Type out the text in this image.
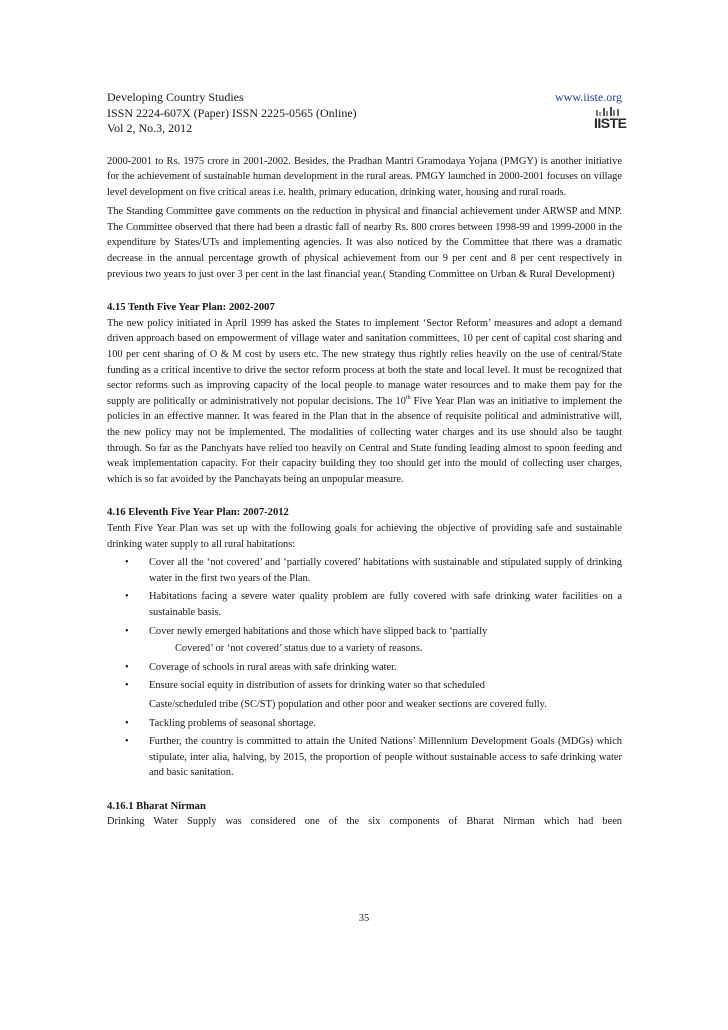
Developing Country Studies
ISSN 2224-607X (Paper) ISSN 2225-0565 (Online)
Vol 2, No.3, 2012
www.iiste.org
IISTE

2000-2001 to Rs. 1975 crore in 2001-2002. Besides, the Pradhan Mantri Gramodaya Yojana (PMGY) is another initiative for the achievement of sustainable human development in the rural areas. PMGY launched in 2000-2001 focuses on village level development on five critical areas i.e. health, primary education, drinking water, housing and rural roads.

The Standing Committee gave comments on the reduction in physical and financial achievement under ARWSP and MNP. The Committee observed that there had been a drastic fall of nearby Rs. 800 crores between 1998-99 and 1999-2000 in the expenditure by States/UTs and implementing agencies. It was also noticed by the Committee that there was a dramatic decrease in the annual percentage growth of physical achievement from our 9 per cent and 8 per cent respectively in previous two years to just over 3 per cent in the last financial year.( Standing Committee on Urban & Rural Development)

4.15 Tenth Five Year Plan: 2002-2007

The new policy initiated in April 1999 has asked the States to implement ‘Sector Reform’ measures and adopt a demand driven approach based on empowerment of village water and sanitation committees, 10 per cent of capital cost sharing and 100 per cent sharing of O & M cost by users etc. The new strategy thus rightly relies heavily on the use of central/State funding as a critical incentive to drive the sector reform process at both the state and local level. It must be recognized that sector reforms such as improving capacity of the local people to manage water resources and to make them pay for the supply are politically or administratively not popular decisions. The 10th Five Year Plan was an initiative to implement the policies in an effective manner. It was feared in the Plan that in the absence of requisite political and administrative will, the new policy may not be implemented. The modalities of collecting water charges and its use should also be taught through. So far as the Panchyats have relied too heavily on Central and State funding leading almost to spoon feeding and weak implementation capacity. For their capacity building they too should get into the mould of collecting user charges, which is so far avoided by the Panchayats being an unpopular measure.

4.16 Eleventh Five Year Plan: 2007-2012

Tenth Five Year Plan was set up with the following goals for achieving the objective of providing safe and sustainable drinking water supply to all rural habitations:

• Cover all the ‘not covered’ and ‘partially covered’ habitations with sustainable and stipulated supply of drinking water in the first two years of the Plan.
• Habitations facing a severe water quality problem are fully covered with safe drinking water facilities on a sustainable basis.
• Cover newly emerged habitations and those which have slipped back to ‘partially
Covered’ or ‘not covered’ status due to a variety of reasons.
• Coverage of schools in rural areas with safe drinking water.
• Ensure social equity in distribution of assets for drinking water so that scheduled
Caste/scheduled tribe (SC/ST) population and other poor and weaker sections are covered fully.
• Tackling problems of seasonal shortage.
• Further, the country is committed to attain the United Nations’ Millennium Development Goals (MDGs) which stipulate, inter alia, halving, by 2015, the proportion of people without sustainable access to safe drinking water and basic sanitation.
4.16.1 Bharat Nirman

Drinking Water Supply was considered one of the six components of Bharat Nirman which had been

35
